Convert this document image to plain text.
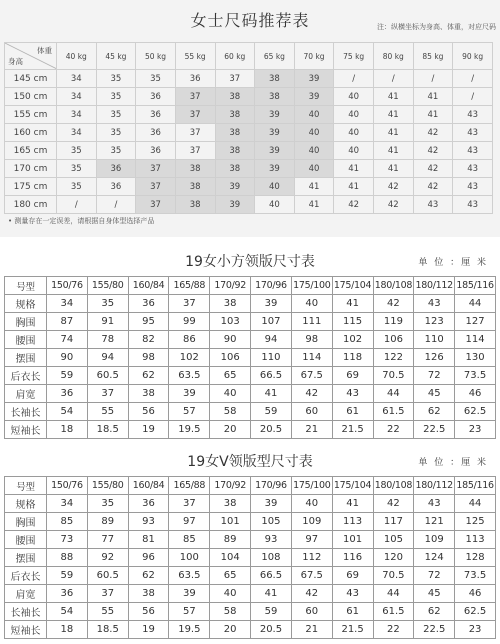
女士尺码推荐表	注：纵横坐标为身高、体重，对应尺码
体重
身高	40 kg	45 kg	50 kg	55 kg	60 kg	65 kg	70 kg	75 kg	80 kg	85 kg	90 kg
145 cm	34	35	35	36	37	38	39	/	/	/	/
150 cm	34	35	36	37	38	38	39	40	41	41	/
155 cm	34	35	36	37	38	39	40	40	41	41	43
160 cm	34	35	36	37	38	39	40	40	41	42	43
165 cm	35	35	36	37	38	39	40	40	41	42	43
170 cm	35	36	37	38	38	39	40	41	41	42	43
175 cm	35	36	37	38	39	40	41	41	42	42	43
180 cm	/	/	37	38	39	40	41	42	42	43	43
• 测量存在一定误差，请根据自身体型选择产品
19女小方领版尺寸表	单 位 ：厘 米
号型	150/76	155/80	160/84	165/88	170/92	170/96	175/100	175/104	180/108	180/112	185/116
规格	34	35	36	37	38	39	40	41	42	43	44
胸围	87	91	95	99	103	107	111	115	119	123	127
腰围	74	78	82	86	90	94	98	102	106	110	114
摆围	90	94	98	102	106	110	114	118	122	126	130
后衣长	59	60.5	62	63.5	65	66.5	67.5	69	70.5	72	73.5
肩宽	36	37	38	39	40	41	42	43	44	45	46
长袖长	54	55	56	57	58	59	60	61	61.5	62	62.5
短袖长	18	18.5	19	19.5	20	20.5	21	21.5	22	22.5	23
19女V领版型尺寸表	单 位 ：厘 米
号型	150/76	155/80	160/84	165/88	170/92	170/96	175/100	175/104	180/108	180/112	185/116
规格	34	35	36	37	38	39	40	41	42	43	44
胸围	85	89	93	97	101	105	109	113	117	121	125
腰围	73	77	81	85	89	93	97	101	105	109	113
摆围	88	92	96	100	104	108	112	116	120	124	128
后衣长	59	60.5	62	63.5	65	66.5	67.5	69	70.5	72	73.5
肩宽	36	37	38	39	40	41	42	43	44	45	46
长袖长	54	55	56	57	58	59	60	61	61.5	62	62.5
短袖长	18	18.5	19	19.5	20	20.5	21	21.5	22	22.5	23
